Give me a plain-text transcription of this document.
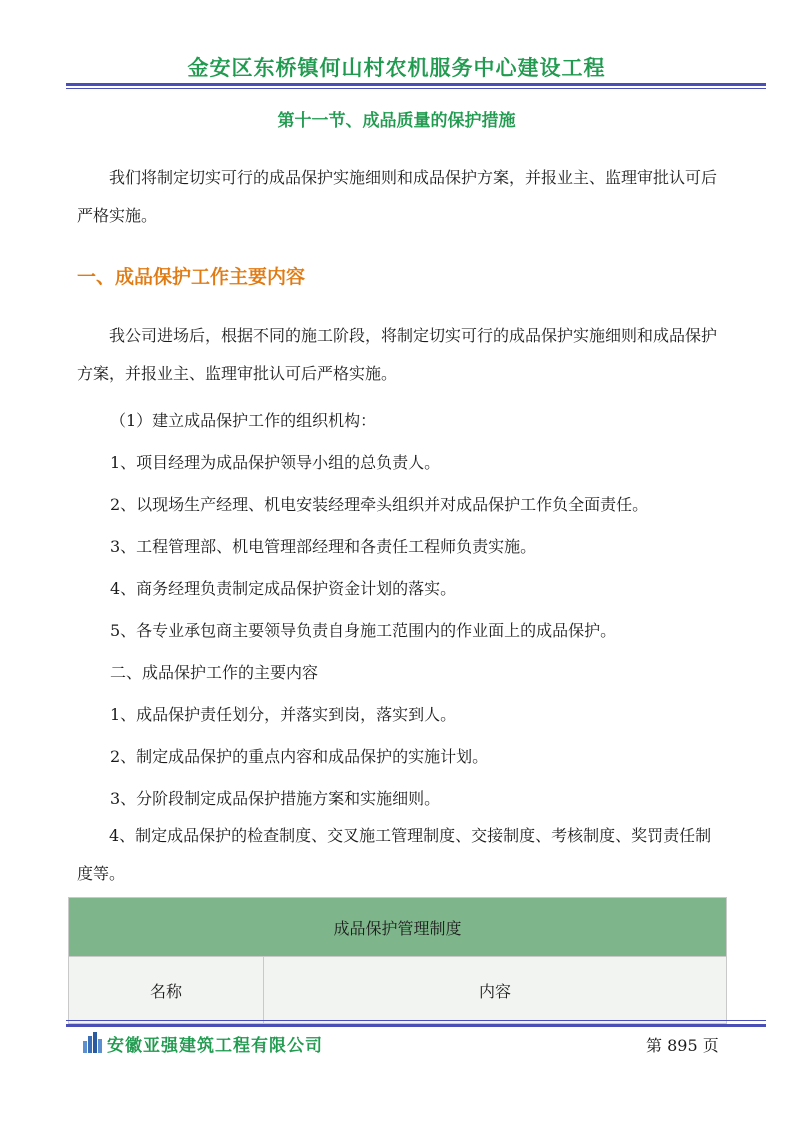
金安区东桥镇何山村农机服务中心建设工程
第十一节、成品质量的保护措施
我们将制定切实可行的成品保护实施细则和成品保护方案，并报业主、监理审批认可后严格实施。
一、成品保护工作主要内容
我公司进场后，根据不同的施工阶段，将制定切实可行的成品保护实施细则和成品保护方案，并报业主、监理审批认可后严格实施。
（1）建立成品保护工作的组织机构：
1、项目经理为成品保护领导小组的总负责人。
2、以现场生产经理、机电安装经理牵头组织并对成品保护工作负全面责任。
3、工程管理部、机电管理部经理和各责任工程师负责实施。
4、商务经理负责制定成品保护资金计划的落实。
5、各专业承包商主要领导负责自身施工范围内的作业面上的成品保护。
二、成品保护工作的主要内容
1、成品保护责任划分，并落实到岗，落实到人。
2、制定成品保护的重点内容和成品保护的实施计划。
3、分阶段制定成品保护措施方案和实施细则。
4、制定成品保护的检查制度、交叉施工管理制度、交接制度、考核制度、奖罚责任制度等。
成品保护管理制度
名称	内容
安徽亚强建筑工程有限公司	第 895 页
